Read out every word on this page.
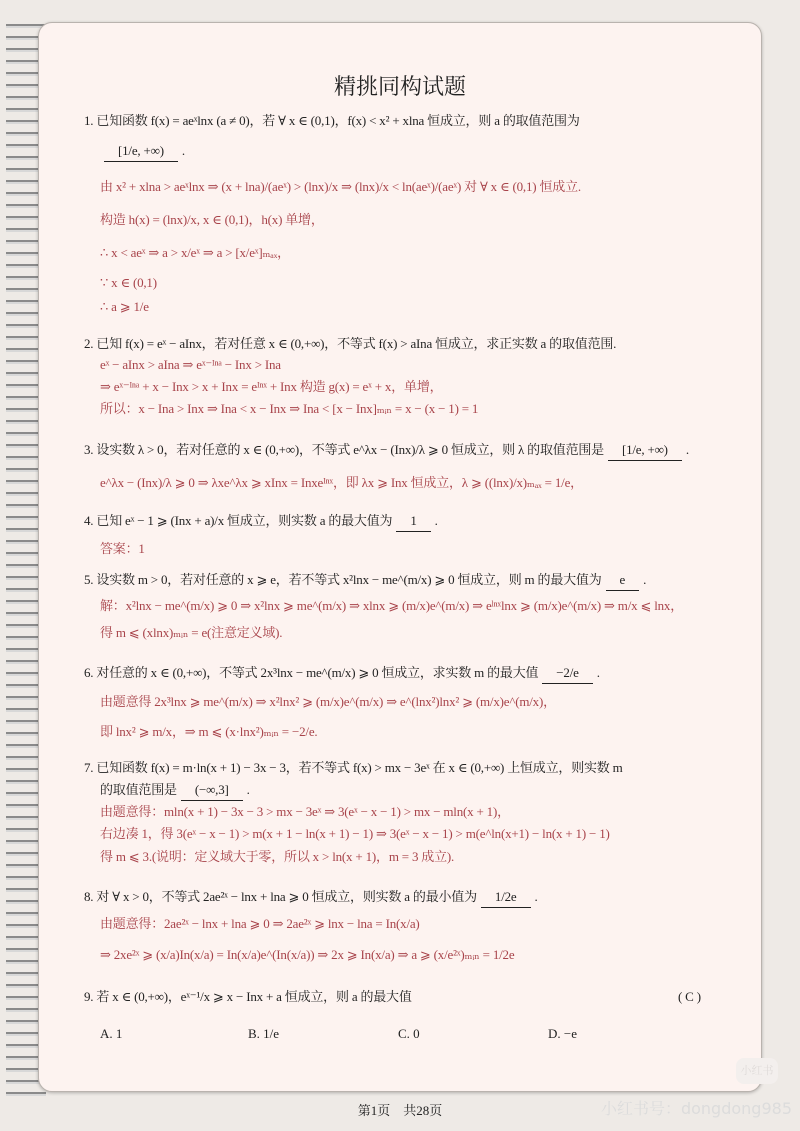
精挑同构试题
1. 已知函数 f(x) = aeˣlnx (a ≠ 0)，若 ∀ x ∈ (0,1)，f(x) < x² + xlna 恒成立，则 a 的取值范围为
[1/e, +∞) .
由 x² + xlna > aeˣlnx ⇒ (x + lna)/(aeˣ) > (lnx)/x ⇒ (lnx)/x < ln(aeˣ)/(aeˣ) 对 ∀ x ∈ (0,1) 恒成立.
构造 h(x) = (lnx)/x, x ∈ (0,1)，h(x) 单增，
∴ x < aeˣ ⇒ a > x/eˣ ⇒ a > [x/eˣ]ₘₐₓ，
∵ x ∈ (0,1)
∴ a ⩾ 1/e
2. 已知 f(x) = eˣ − aInx，若对任意 x ∈ (0,+∞)，不等式 f(x) > aIna 恒成立，求正实数 a 的取值范围.
eˣ − aInx > aIna ⇒ eˣ⁻ᴵⁿᵃ − Inx > Ina
⇒ eˣ⁻ᴵⁿᵃ + x − Inx > x + Inx = eᴵⁿˣ + Inx 构造 g(x) = eˣ + x，单增，
所以：x − Ina > Inx ⇒ Ina < x − Inx ⇒ Ina < [x − Inx]ₘᵢₙ = x − (x − 1) = 1
3. 设实数 λ > 0，若对任意的 x ∈ (0,+∞)，不等式 e^λx − (Inx)/λ ⩾ 0 恒成立，则 λ 的取值范围是 [1/e, +∞) .
e^λx − (Inx)/λ ⩾ 0 ⇒ λxe^λx ⩾ xInx = Inxeᴵⁿˣ，即 λx ⩾ Inx 恒成立，λ ⩾ ((lnx)/x)ₘₐₓ = 1/e，
4. 已知 eˣ − 1 ⩾ (Inx + a)/x 恒成立，则实数 a 的最大值为 1 .
答案：1
5. 设实数 m > 0，若对任意的 x ⩾ e，若不等式 x²lnx − me^(m/x) ⩾ 0 恒成立，则 m 的最大值为 e .
解：x²lnx − me^(m/x) ⩾ 0 ⇒ x²lnx ⩾ me^(m/x) ⇒ xlnx ⩾ (m/x)e^(m/x) ⇒ eˡⁿˣlnx ⩾ (m/x)e^(m/x) ⇒ m/x ⩽ lnx，
得 m ⩽ (xlnx)ₘᵢₙ = e(注意定义域).
6. 对任意的 x ∈ (0,+∞)，不等式 2x³lnx − me^(m/x) ⩾ 0 恒成立，求实数 m 的最大值 −2/e .
由题意得 2x³lnx ⩾ me^(m/x) ⇒ x²lnx² ⩾ (m/x)e^(m/x) ⇒ e^(lnx²)lnx² ⩾ (m/x)e^(m/x)，
即 lnx² ⩾ m/x，⇒ m ⩽ (x·lnx²)ₘᵢₙ = −2/e.
7. 已知函数 f(x) = m·ln(x + 1) − 3x − 3，若不等式 f(x) > mx − 3eˣ 在 x ∈ (0,+∞) 上恒成立，则实数 m
的取值范围是 (−∞,3] .
由题意得：mln(x + 1) − 3x − 3 > mx − 3eˣ ⇒ 3(eˣ − x − 1) > mx − mln(x + 1)，
右边凑 1，得 3(eˣ − x − 1) > m(x + 1 − ln(x + 1) − 1) ⇒ 3(eˣ − x − 1) > m(e^ln(x+1) − ln(x + 1) − 1)
得 m ⩽ 3.(说明：定义域大于零，所以 x > ln(x + 1)，m = 3 成立).
8. 对 ∀ x > 0，不等式 2ae²ˣ − lnx + lna ⩾ 0 恒成立，则实数 a 的最小值为 1/2e .
由题意得：2ae²ˣ − lnx + lna ⩾ 0 ⇒ 2ae²ˣ ⩾ lnx − lna = In(x/a)
⇒ 2xe²ˣ ⩾ (x/a)In(x/a) = In(x/a)e^(In(x/a)) ⇒ 2x ⩾ In(x/a) ⇒ a ⩾ (x/e²ˣ)ₘᵢₙ = 1/2e
9. 若 x ∈ (0,+∞)，eˣ⁻¹/x ⩾ x − Inx + a 恒成立，则 a 的最大值	( C )
A. 1	B. 1/e	C. 0	D. −e
小红书
第1页　共28页	小红书号：dongdong985
